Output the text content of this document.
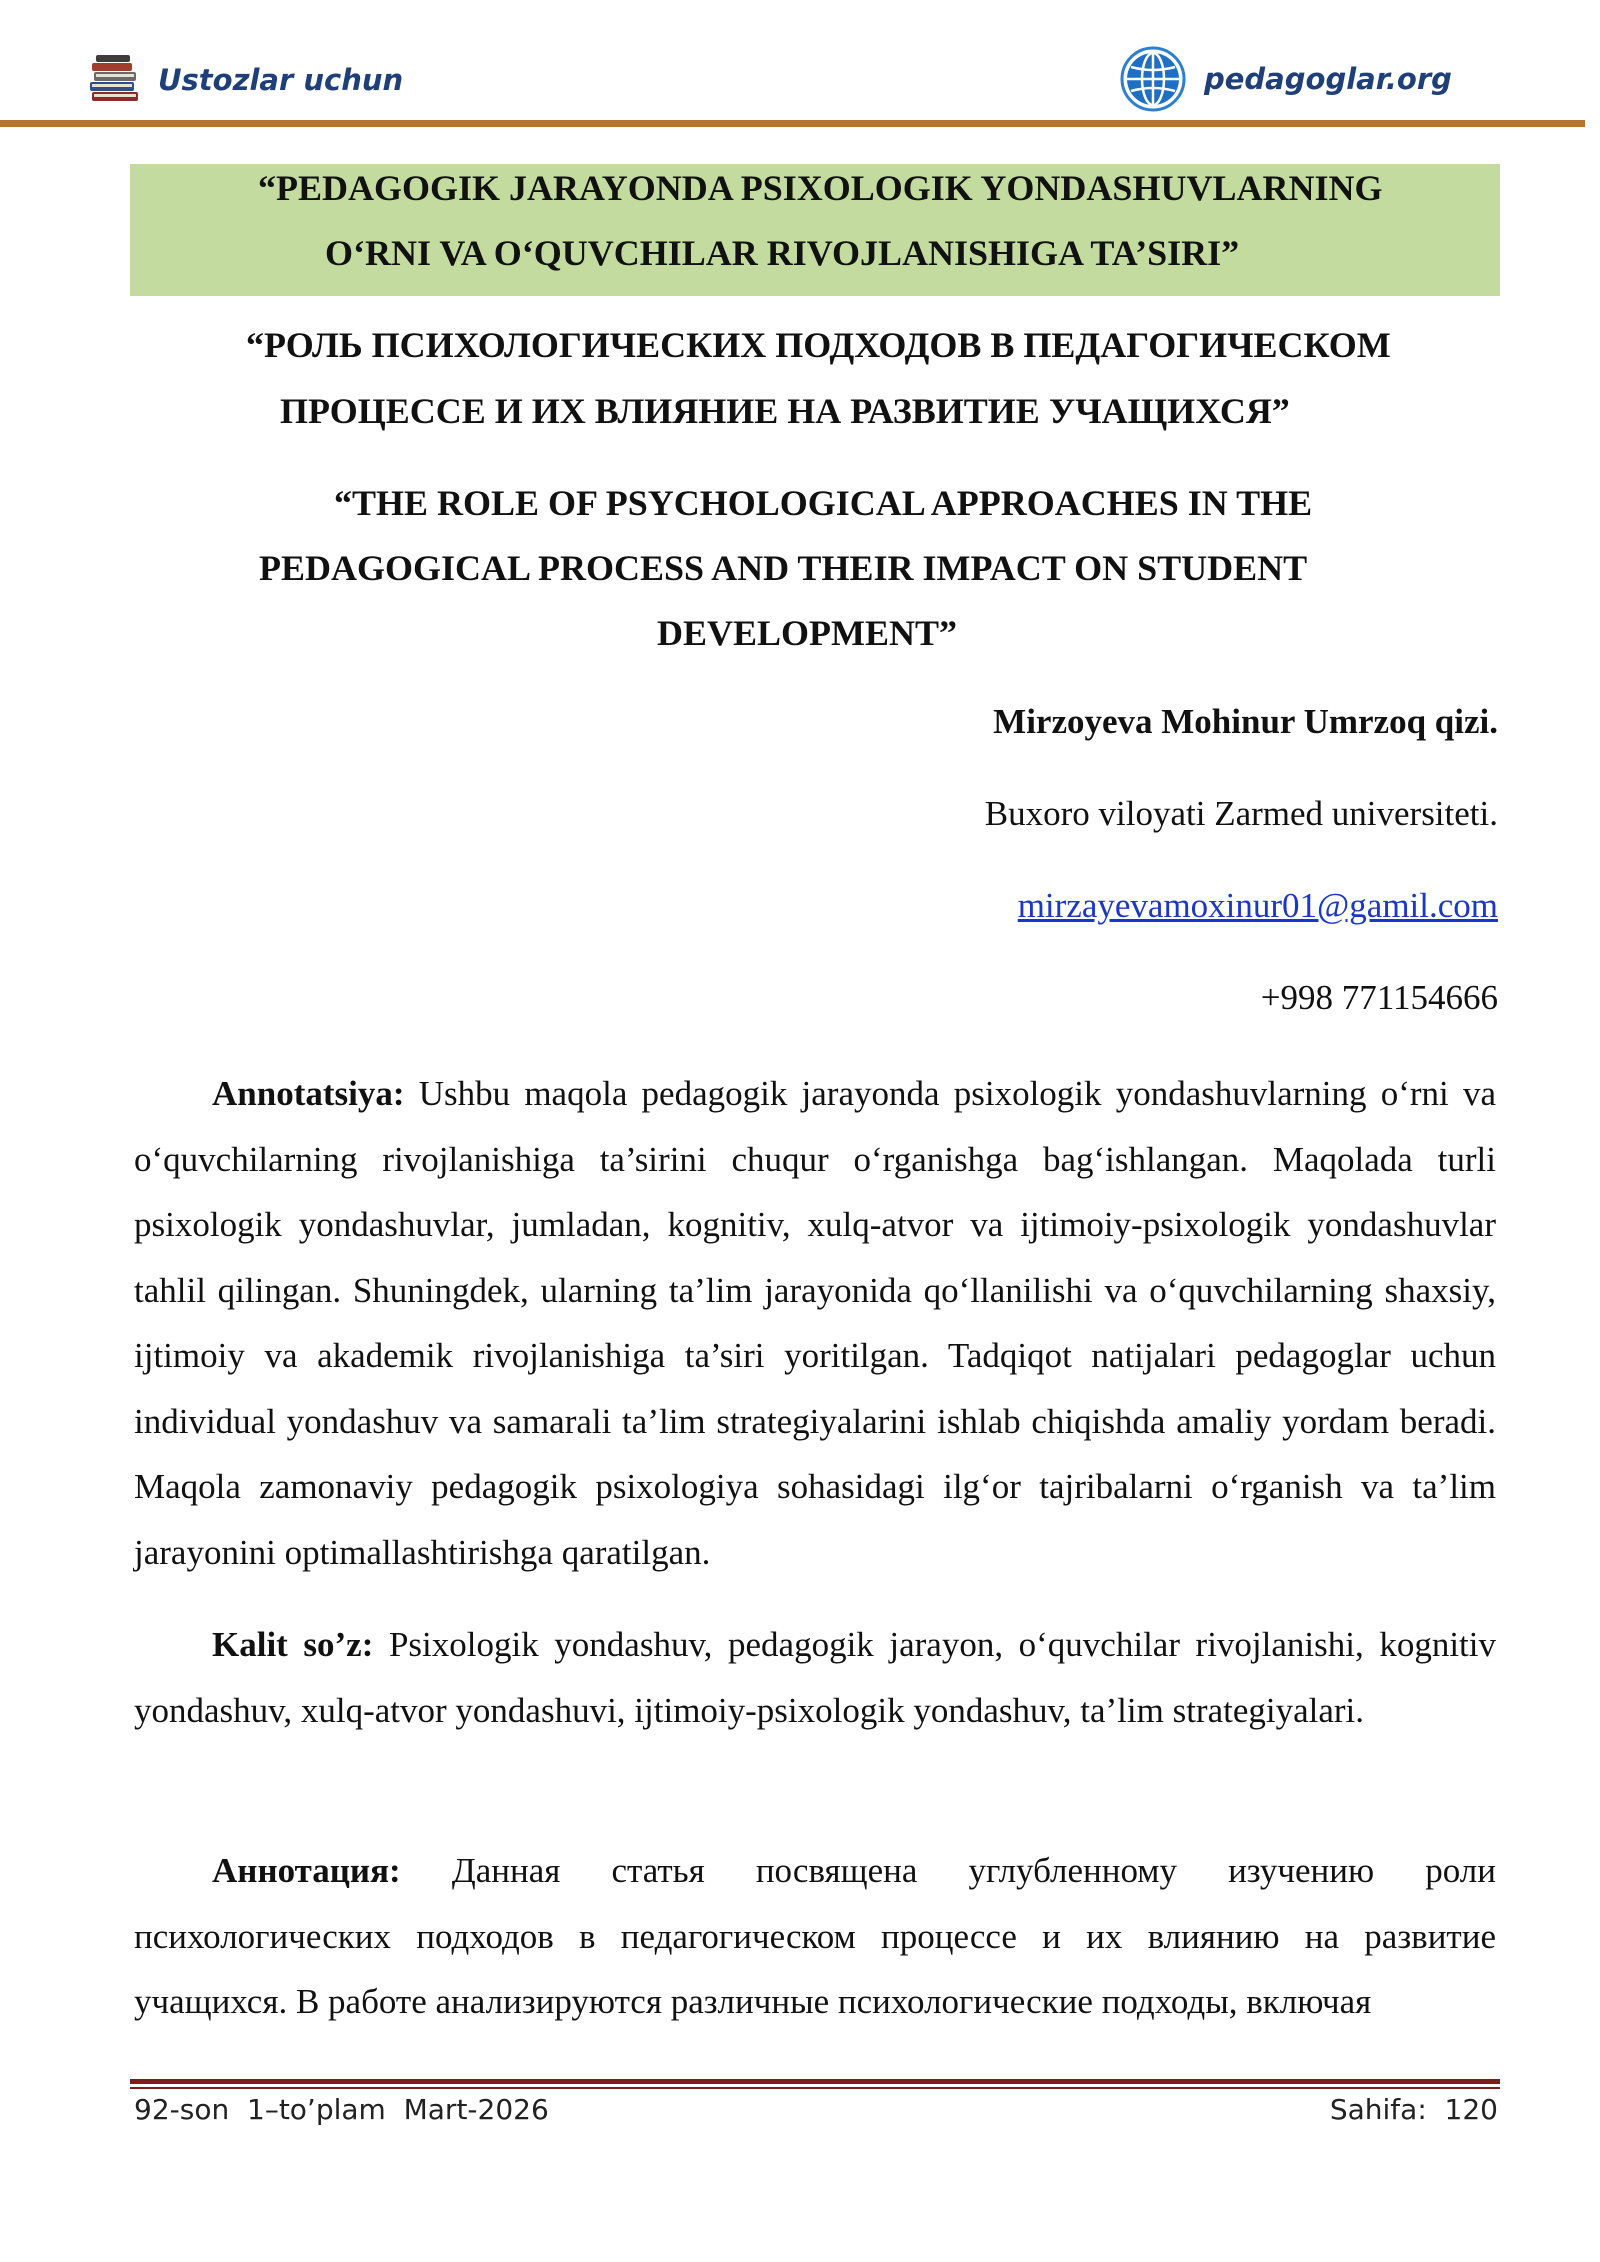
Ustozlar uchun	pedagoglar.org
“PEDAGOGIK JARAYONDA PSIXOLOGIK YONDASHUVLARNING
O‘RNI VA O‘QUVCHILAR RIVOJLANISHIGA TA’SIRI”
“РОЛЬ ПСИХОЛОГИЧЕСКИХ ПОДХОДОВ В ПЕДАГОГИЧЕСКОМ
ПРОЦЕССЕ И ИХ ВЛИЯНИЕ НА РАЗВИТИЕ УЧАЩИХСЯ”
“THE ROLE OF PSYCHOLOGICAL APPROACHES IN THE
PEDAGOGICAL PROCESS AND THEIR IMPACT ON STUDENT
DEVELOPMENT”
Mirzoyeva Mohinur Umrzoq qizi.
Buxoro viloyati Zarmed universiteti.
mirzayevamoxinur01@gamil.com
+998 771154666
Annotatsiya: Ushbu maqola pedagogik jarayonda psixologik yondashuvlarning o‘rni va o‘quvchilarning rivojlanishiga ta’sirini chuqur o‘rganishga bag‘ishlangan. Maqolada turli psixologik yondashuvlar, jumladan, kognitiv, xulq-atvor va ijtimoiy-psixologik yondashuvlar tahlil qilingan. Shuningdek, ularning ta’lim jarayonida qo‘llanilishi va o‘quvchilarning shaxsiy, ijtimoiy va akademik rivojlanishiga ta’siri yoritilgan. Tadqiqot natijalari pedagoglar uchun individual yondashuv va samarali ta’lim strategiyalarini ishlab chiqishda amaliy yordam beradi. Maqola zamonaviy pedagogik psixologiya sohasidagi ilg‘or tajribalarni o‘rganish va ta’lim jarayonini optimallashtirishga qaratilgan.
Kalit so’z: Psixologik yondashuv, pedagogik jarayon, o‘quvchilar rivojlanishi, kognitiv yondashuv, xulq-atvor yondashuvi, ijtimoiy-psixologik yondashuv, ta’lim strategiyalari.
Аннотация: Данная статья посвящена углубленному изучению роли психологических подходов в педагогическом процессе и их влиянию на развитие учащихся. В работе анализируются различные психологические подходы, включая
92-son  1–to’plam  Mart-2026	Sahifa:  120
